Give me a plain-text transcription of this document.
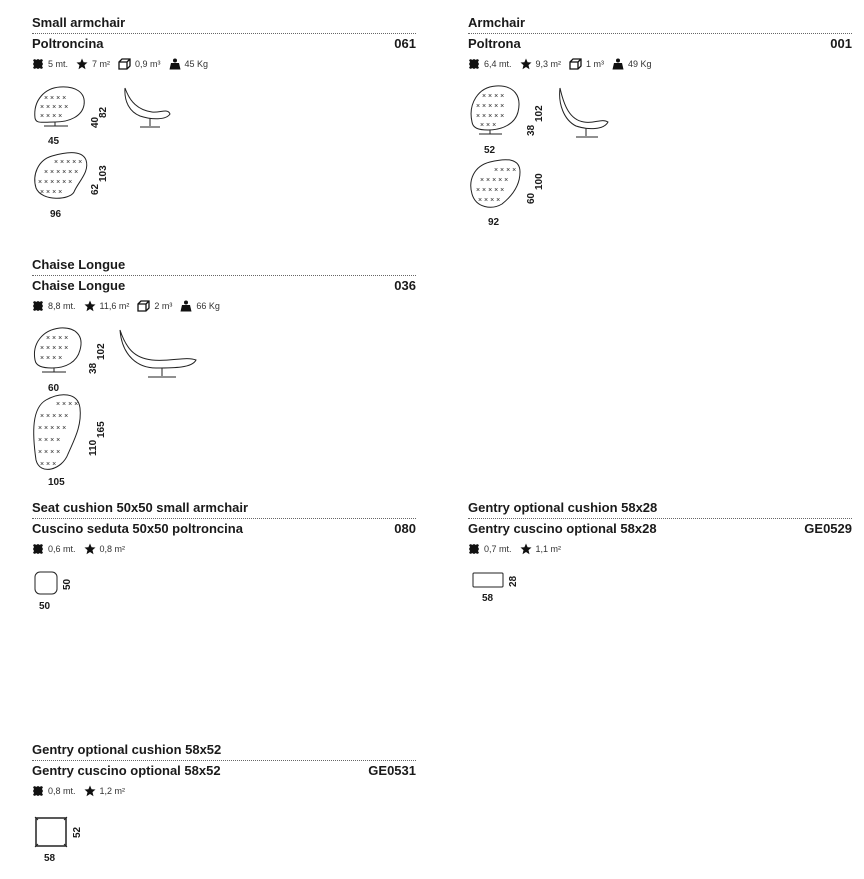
Small armchair
Poltroncina	061
5 mt.	7 m²	0,9 m³	45 Kg
× × × ×
× × × × ×
× × × ×
45
40
82
× × × × ×
× × × × × ×
× × × × × ×
× × × ×
96
62
103
Armchair
Poltrona	001
6,4 mt.	9,3 m²	1 m³	49 Kg
× × × ×
× × × × ×
× × × × ×
× × ×
52
38
102
× × × ×
× × × × ×
× × × × ×
× × × ×
92
60
100
Chaise Longue
Chaise Longue	036
8,8 mt.	11,6 m²	2 m³	66 Kg
× × × ×
× × × × ×
× × × ×
60
38
102
× × × ×
× × × × ×
× × × × ×
× × × ×
× × × ×
× × ×
105
110
165
Seat cushion 50x50 small armchair
Cuscino seduta 50x50 poltroncina	080
0,6 mt.	0,8 m²
50
50
Gentry optional cushion 58x28
Gentry cuscino optional 58x28	GE0529
0,7 mt.	1,1 m²
58
28
Gentry optional cushion 58x52
Gentry cuscino optional 58x52	GE0531
0,8 mt.	1,2 m²
58
52
